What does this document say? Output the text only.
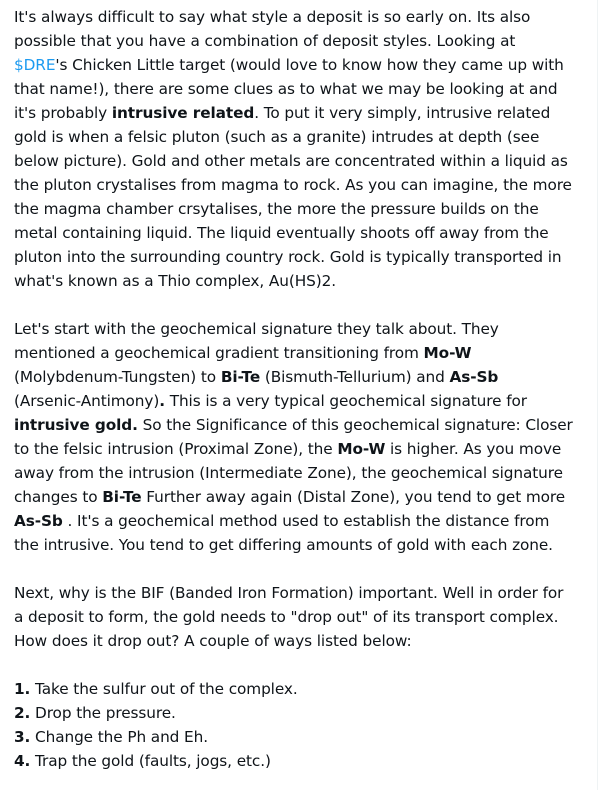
It's always difficult to say what style a deposit is so early on. Its also
possible that you have a combination of deposit styles. Looking at
$DRE's Chicken Little target (would love to know how they came up with
that name!), there are some clues as to what we may be looking at and
it's probably intrusive related. To put it very simply, intrusive related
gold is when a felsic pluton (such as a granite) intrudes at depth (see
below picture). Gold and other metals are concentrated within a liquid as
the pluton crystalises from magma to rock. As you can imagine, the more
the magma chamber crsytalises, the more the pressure builds on the
metal containing liquid. The liquid eventually shoots off away from the
pluton into the surrounding country rock. Gold is typically transported in
what's known as a Thio complex, Au(HS)2.

Let's start with the geochemical signature they talk about. They
mentioned a geochemical gradient transitioning from Mo-W
(Molybdenum-Tungsten) to Bi-Te (Bismuth-Tellurium) and As-Sb
(Arsenic-Antimony). This is a very typical geochemical signature for
intrusive gold. So the Significance of this geochemical signature: Closer
to the felsic intrusion (Proximal Zone), the Mo-W is higher. As you move
away from the intrusion (Intermediate Zone), the geochemical signature
changes to Bi-Te Further away again (Distal Zone), you tend to get more
As-Sb . It's a geochemical method used to establish the distance from
the intrusive. You tend to get differing amounts of gold with each zone.

Next, why is the BIF (Banded Iron Formation) important. Well in order for
a deposit to form, the gold needs to "drop out" of its transport complex.
How does it drop out? A couple of ways listed below:

1. Take the sulfur out of the complex.
2. Drop the pressure.
3. Change the Ph and Eh.
4. Trap the gold (faults, jogs, etc.)
